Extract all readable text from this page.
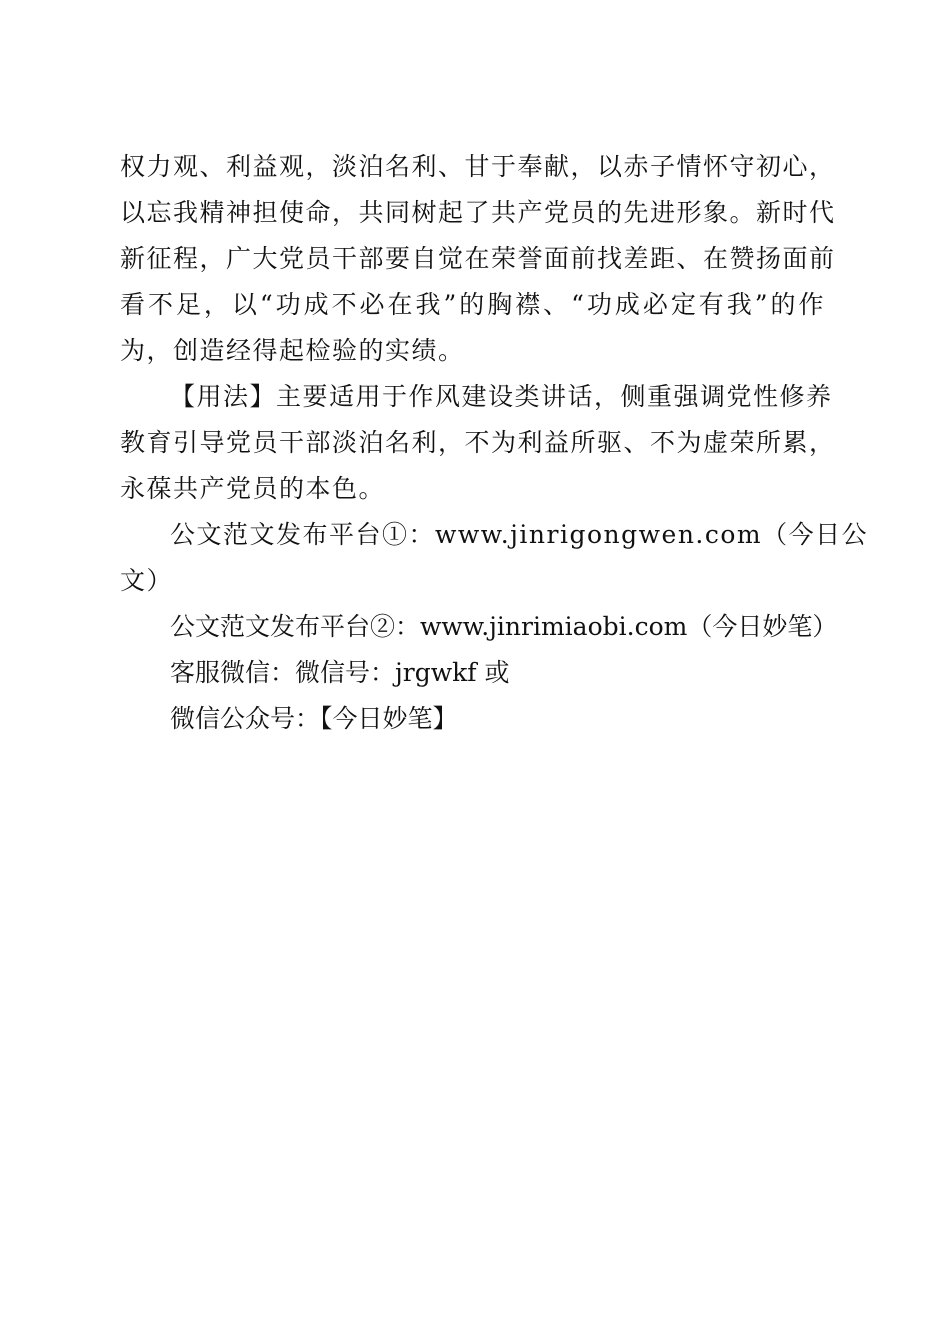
权力观、利益观，淡泊名利、甘于奉献，以赤子情怀守初心，
以忘我精神担使命，共同树起了共产党员的先进形象。新时代
新征程，广大党员干部要自觉在荣誉面前找差距、在赞扬面前
看不足，以“功成不必在我”的胸襟、“功成必定有我”的作
为，创造经得起检验的实绩。
【用法】主要适用于作风建设类讲话，侧重强调党性修养
教育引导党员干部淡泊名利，不为利益所驱、不为虚荣所累，
永葆共产党员的本色。
公文范文发布平台①：www.jinrigongwen.com（今日公
文）
公文范文发布平台②：www.jinrimiaobi.com（今日妙笔）
客服微信：微信号：jrgwkf 或
微信公众号：【今日妙笔】
